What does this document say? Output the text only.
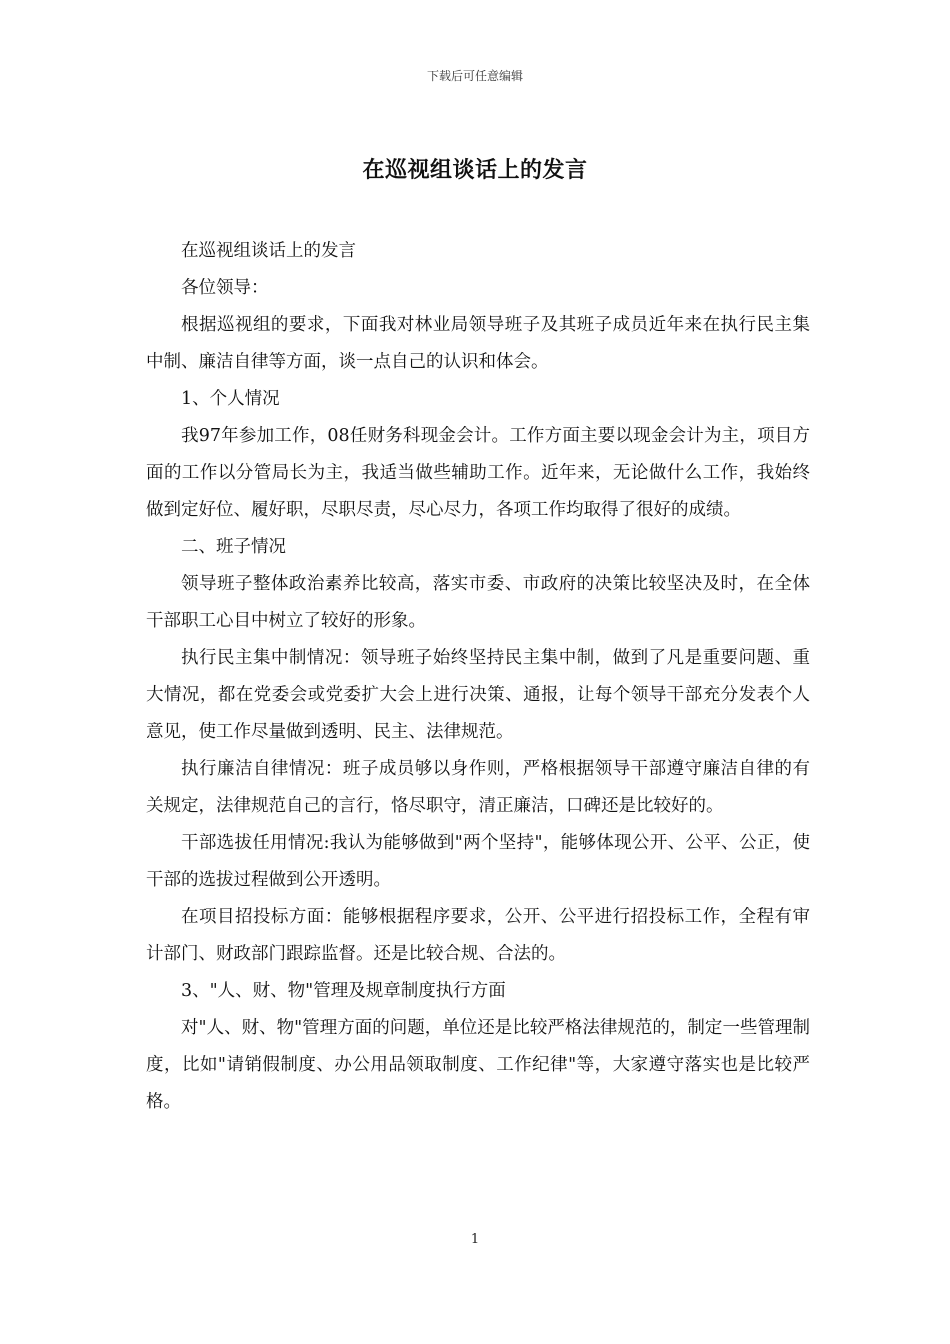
下载后可任意编辑
在巡视组谈话上的发言

在巡视组谈话上的发言

各位领导：

根据巡视组的要求，下面我对林业局领导班子及其班子成员近年来在执行民主集中制、廉洁自律等方面，谈一点自己的认识和体会。

1、个人情况

我97年参加工作，08任财务科现金会计。工作方面主要以现金会计为主，项目方面的工作以分管局长为主，我适当做些辅助工作。近年来，无论做什么工作，我始终做到定好位、履好职，尽职尽责，尽心尽力，各项工作均取得了很好的成绩。

二、班子情况

领导班子整体政治素养比较高，落实市委、市政府的决策比较坚决及时，在全体干部职工心目中树立了较好的形象。

执行民主集中制情况：领导班子始终坚持民主集中制，做到了凡是重要问题、重大情况，都在党委会或党委扩大会上进行决策、通报，让每个领导干部充分发表个人意见，使工作尽量做到透明、民主、法律规范。

执行廉洁自律情况：班子成员够以身作则，严格根据领导干部遵守廉洁自律的有关规定，法律规范自己的言行，恪尽职守，清正廉洁，口碑还是比较好的。

干部选拔任用情况:我认为能够做到"两个坚持"，能够体现公开、公平、公正，使干部的选拔过程做到公开透明。

在项目招投标方面：能够根据程序要求，公开、公平进行招投标工作，全程有审计部门、财政部门跟踪监督。还是比较合规、合法的。

3、"人、财、物"管理及规章制度执行方面

对"人、财、物"管理方面的问题，单位还是比较严格法律规范的，制定一些管理制度，比如"请销假制度、办公用品领取制度、工作纪律"等，大家遵守落实也是比较严格。

1
